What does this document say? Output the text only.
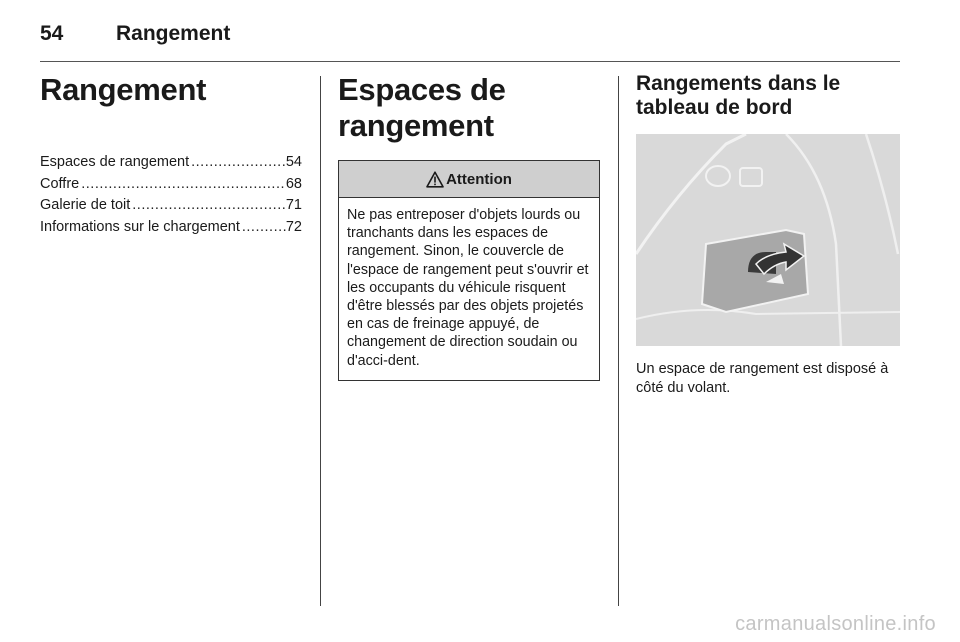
54	Rangement
Rangement
Espaces de rangement .....	54
Coffre .....	68
Galerie de toit .....	71
Informations sur le chargement .....	72
Espaces de rangement
Attention
Ne pas entreposer d'objets lourds ou tranchants dans les espaces de rangement. Sinon, le couvercle de l'espace de rangement peut s'ouvrir et les occupants du véhicule risquent d'être blessés par des objets projetés en cas de freinage appuyé, de changement de direction soudain ou d'acci-dent.
Rangements dans le tableau de bord
Un espace de rangement est disposé à côté du volant.
carmanualsonline.info
